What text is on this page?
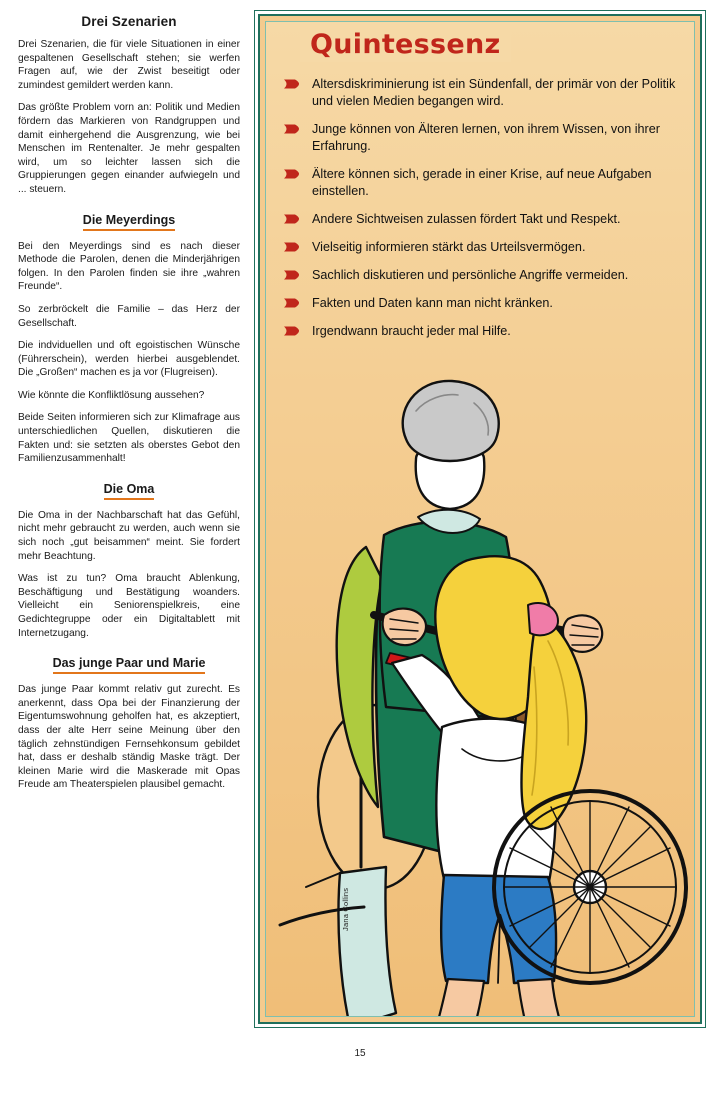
Drei Szenarien

Drei Szenarien, die für viele Situationen in einer gespaltenen Gesellschaft stehen; sie werfen Fragen auf, wie der Zwist beseitigt oder zumindest gemildert werden kann.

Das größte Problem vorn an: Politik und Medien fördern das Markieren von Randgruppen und damit einhergehend die Ausgrenzung, wie bei Menschen im Rentenalter. Je mehr gespalten wird, um so leichter lassen sich die Gruppierungen gegen einander aufwiegeln und ... steuern.

Die Meyerdings

Bei den Meyerdings sind es nach dieser Methode die Parolen, denen die Minderjährigen folgen. In den Parolen finden sie ihre „wahren Freunde“.

So zerbröckelt die Familie – das Herz der Gesellschaft.

Die indviduellen und oft egoistischen Wünsche (Führerschein), werden hierbei ausgeblendet. Die „Großen“ machen es ja vor (Flugreisen).

Wie könnte die Konfliktlösung aussehen?

Beide Seiten informieren sich zur Klimafrage aus unterschiedlichen Quellen, diskutieren die Fakten und: sie setzten als oberstes Gebot den Familienzusammenhalt!

Die Oma

Die Oma in der Nachbarschaft hat das Gefühl, nicht mehr gebraucht zu werden, auch wenn sie sich noch „gut beisammen“ meint. Sie fordert mehr Beachtung.

Was ist zu tun? Oma braucht Ablenkung, Beschäftigung und Bestätigung woanders. Vielleicht ein Seniorenspielkreis, eine Gedichtegruppe oder ein Digitaltablett mit Internetzugang.

Das junge Paar und Marie

Das junge Paar kommt relativ gut zurecht. Es anerkennt, dass Opa bei der Finanzierung der Eigentumswohnung geholfen hat, es akzeptiert, dass der alte Herr seine Meinung über den täglich zehnstündigen Fernsehkonsum gebildet hat, dass er deshalb ständig Maske trägt. Der kleinen Marie wird die Maskerade mit Opas Freude am Theaterspielen plausibel gemacht.

Quintessenz
Altersdiskriminierung ist ein Sündenfall, der primär von der Politik und vielen Medien begangen wird.
Junge können von Älteren lernen, von ihrem Wissen, von ihrer Erfahrung.
Ältere können sich, gerade in einer Krise, auf neue Aufgaben einstellen.
Andere Sichtweisen zulassen fördert Takt und Respekt.
Vielseitig informieren stärkt das Urteilsvermögen.
Sachlich diskutieren und persönliche Angriffe vermeiden.
Fakten und Daten kann man nicht kränken.
Irgendwann braucht jeder mal Hilfe.
Jana Collins
15
